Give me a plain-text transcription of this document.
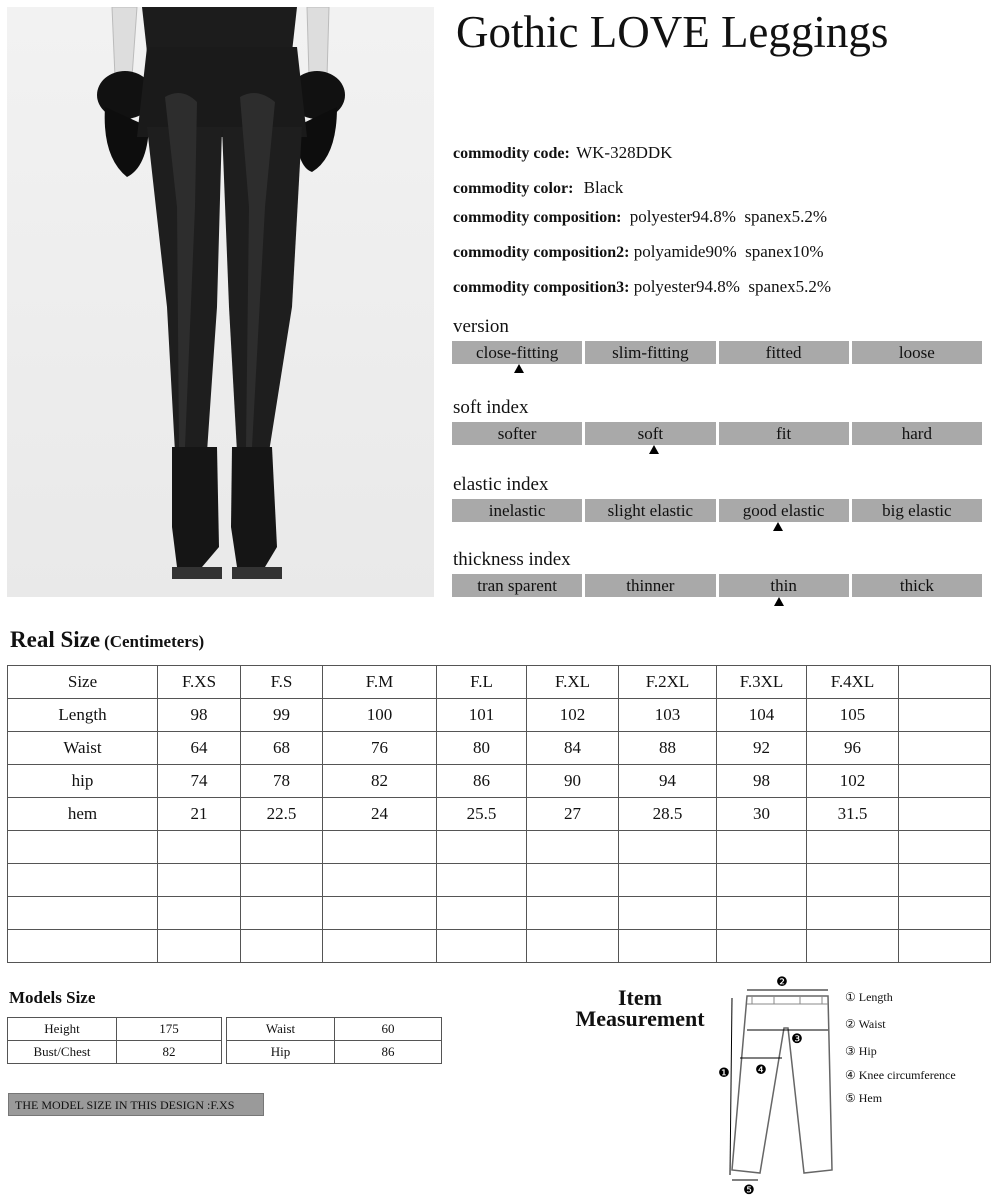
Gothic LOVE Leggings
commodity code: WK-328DDK
commodity color: Black
commodity composition: polyester94.8%  spanex5.2%
commodity composition2: polyamide90%  spanex10%
commodity composition3: polyester94.8%  spanex5.2%
version
close-fitting	slim-fitting	fitted	loose
soft index
softer	soft	fit	hard
elastic index
inelastic	slight elastic	good elastic	big elastic
thickness index
tran sparent	thinner	thin	thick
Real Size (Centimeters)
Size	F.XS	F.S	F.M	F.L	F.XL	F.2XL	F.3XL	F.4XL	
Length	98	99	100	101	102	103	104	105	
Waist	64	68	76	80	84	88	92	96	
hip	74	78	82	86	90	94	98	102	
hem	21	22.5	24	25.5	27	28.5	30	31.5	

Models Size
Height	175
Bust/Chest	82
Waist	60
Hip	86
THE MODEL SIZE IN THIS DESIGN :F.XS
Item
Measurement
❷
❸
❹
❶
❺
① Length
② Waist
③ Hip
④ Knee circumference
⑤ Hem
